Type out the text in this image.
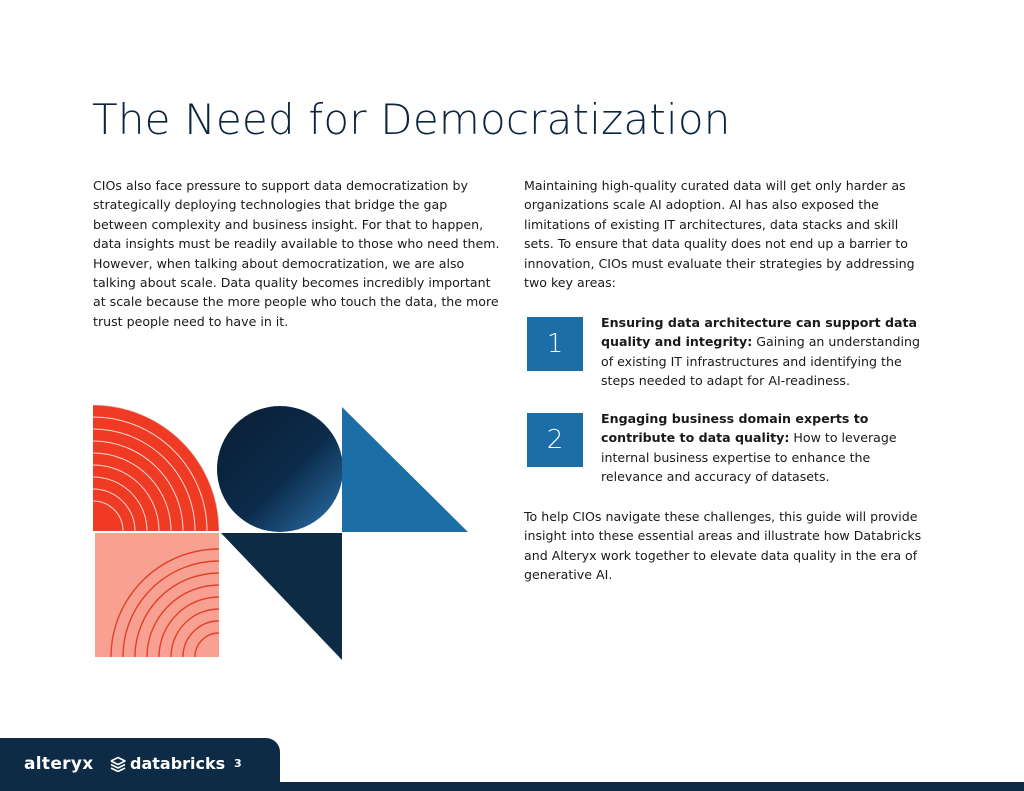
The Need for Democratization

CIOs also face pressure to support data democratization by strategically deploying technologies that bridge the gap between complexity and business insight. For that to happen, data insights must be readily available to those who need them. However, when talking about democratization, we are also talking about scale. Data quality becomes incredibly important at scale because the more people who touch the data, the more trust people need to have in it.

Maintaining high-quality curated data will get only harder as organizations scale AI adoption. AI has also exposed the limitations of existing IT architectures, data stacks and skill sets. To ensure that data quality does not end up a barrier to innovation, CIOs must evaluate their strategies by addressing two key areas:

1
Ensuring data architecture can support data quality and integrity: Gaining an understanding of existing IT infrastructures and identifying the steps needed to adapt for AI-readiness.
2
Engaging business domain experts to contribute to data quality: How to leverage internal business expertise to enhance the relevance and accuracy of datasets.

To help CIOs navigate these challenges, this guide will provide insight into these essential areas and illustrate how Databricks and Alteryx work together to elevate data quality in the era of generative AI.

alteryx databricks 3
